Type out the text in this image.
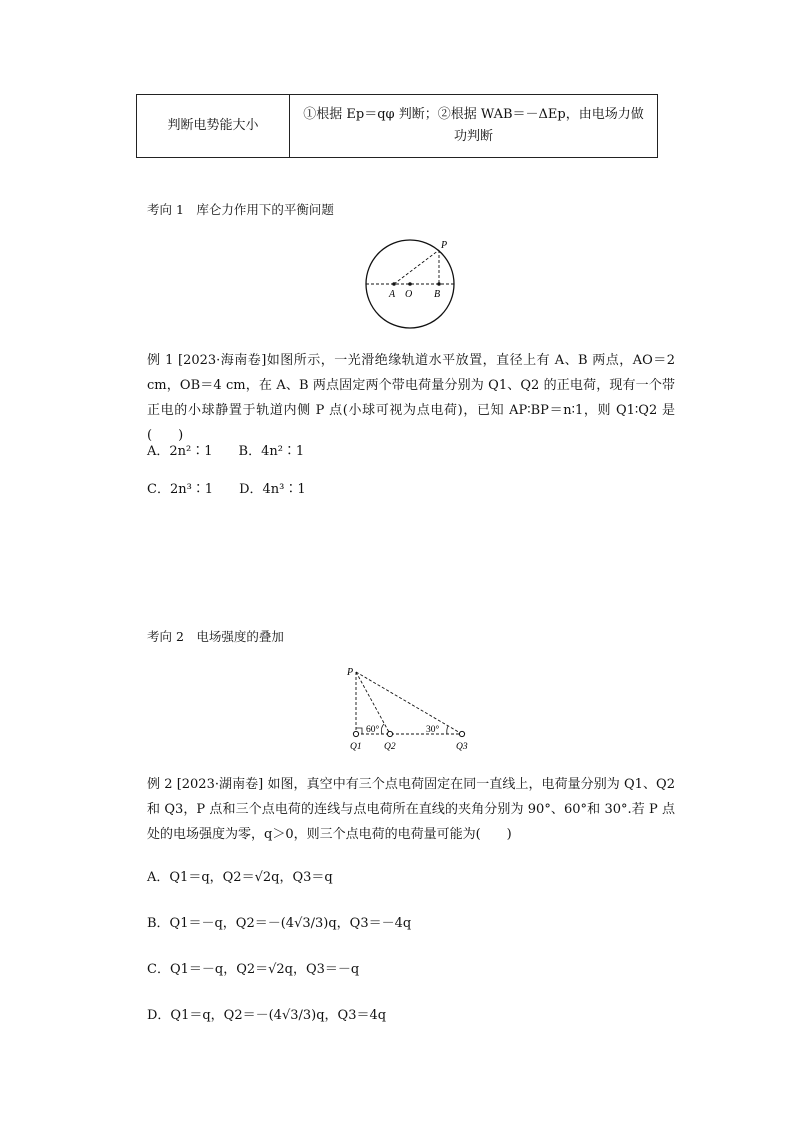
判断电势能大小	①根据 Ep＝qφ 判断；②根据 WAB＝－ΔEp，由电场力做功判断
考向 1　库仑力作用下的平衡问题
P
A O B
例 1 [2023·海南卷]如图所示，一光滑绝缘轨道水平放置，直径上有 A、B 两点，AO＝2 cm，OB＝4 cm，在 A、B 两点固定两个带电荷量分别为 Q1、Q2 的正电荷，现有一个带正电的小球静置于轨道内侧 P 点(小球可视为点电荷)，已知 AP∶BP＝n∶1，则 Q1∶Q2 是(　　)
A．2n²∶1 B．4n²∶1
C．2n³∶1 D．4n³∶1
考向 2　电场强度的叠加
P
60°	30°
Q1 Q2	Q3
例 2 [2023·湖南卷] 如图，真空中有三个点电荷固定在同一直线上，电荷量分别为 Q1、Q2 和 Q3，P 点和三个点电荷的连线与点电荷所在直线的夹角分别为 90°、60°和 30°.若 P 点处的电场强度为零，q＞0，则三个点电荷的电荷量可能为(　　)
A．Q1＝q，Q2＝√2q，Q3＝q
B．Q1＝－q，Q2＝－(4√3/3)q，Q3＝－4q
C．Q1＝－q，Q2＝√2q，Q3＝－q
D．Q1＝q，Q2＝－(4√3/3)q，Q3＝4q
